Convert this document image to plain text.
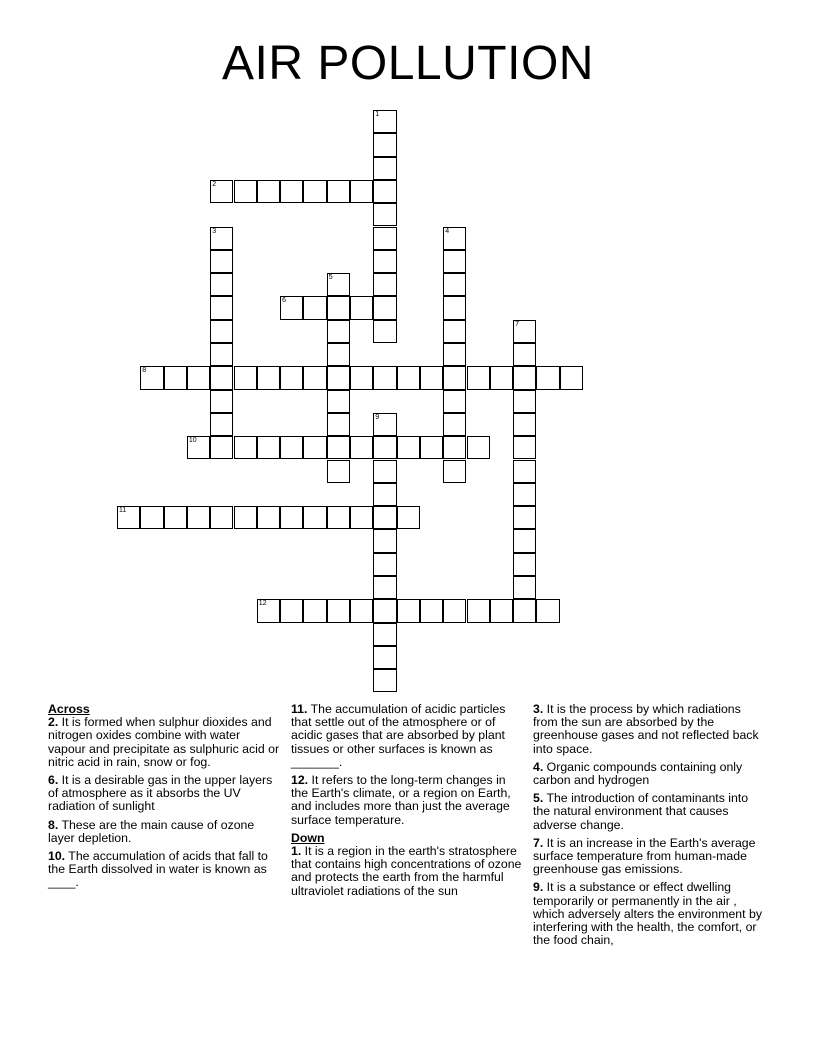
AIR POLLUTION
1
2
3	4
5
6
7
8
9
10
11
12

Across

2. It is formed when sulphur dioxides and nitrogen oxides combine with water vapour and precipitate as sulphuric acid or nitric acid in rain, snow or fog.

6. It is a desirable gas in the upper layers of atmosphere as it absorbs the UV radiation of sunlight

8. These are the main cause of ozone layer depletion.

10. The accumulation of acids that fall to the Earth dissolved in water is known as ____.

11. The accumulation of acidic particles that settle out of the atmosphere or of acidic gases that are absorbed by plant tissues or other surfaces is known as _______.

12. It refers to the long-term changes in the Earth's climate, or a region on Earth, and includes more than just the average surface temperature.

Down

1. It is a region in the earth's stratosphere that contains high concentrations of ozone and protects the earth from the harmful ultraviolet radiations of the sun

3. It is the process by which radiations from the sun are absorbed by the greenhouse gases and not reflected back into space.

4. Organic compounds containing only carbon and hydrogen

5. The introduction of contaminants into the natural environment that causes adverse change.

7. It is an increase in the Earth's average surface temperature from human-made greenhouse gas emissions.

9. It is a substance or effect dwelling temporarily or permanently in the air , which adversely alters the environment by interfering with the health, the comfort, or the food chain,
